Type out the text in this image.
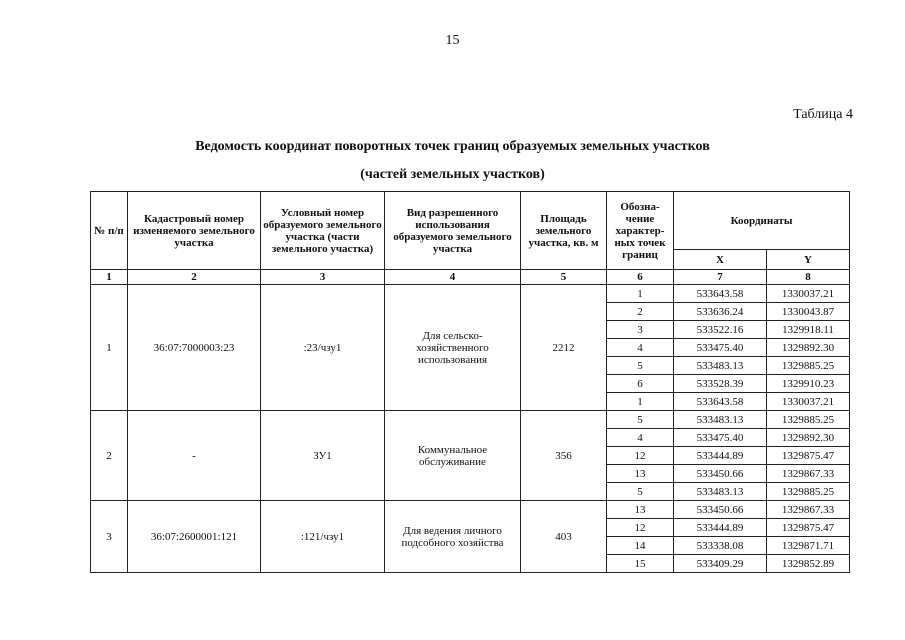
15
Таблица 4
Ведомость координат поворотных точек границ образуемых земельных участков
(частей земельных участков)
№ п/п	Кадастровый номер изменяемого земельного участка	Условный номер образуемого земельного участка (части земельного участка)	Вид разрешенного использования образуемого земельного участка	Площадь земельного участка, кв. м	Обозна-чение характер-ных точек границ	Координаты	
						X	Y
1	2	3	4	5	6	7	8
1	36:07:7000003:23	:23/чзу1	Для сельско-хозяйственного использования	2212	1	533643.58	1330037.21
					2	533636.24	1330043.87
					3	533522.16	1329918.11
					4	533475.40	1329892.30
					5	533483.13	1329885.25
					6	533528.39	1329910.23
					1	533643.58	1330037.21
2	-	ЗУ1	Коммунальное обслуживание	356	5	533483.13	1329885.25
					4	533475.40	1329892.30
					12	533444.89	1329875.47
					13	533450.66	1329867.33
					5	533483.13	1329885.25
3	36:07:2600001:121	:121/чзу1	Для ведения личного подсобного хозяйства	403	13	533450.66	1329867.33
					12	533444.89	1329875.47
					14	533338.08	1329871.71
					15	533409.29	1329852.89
